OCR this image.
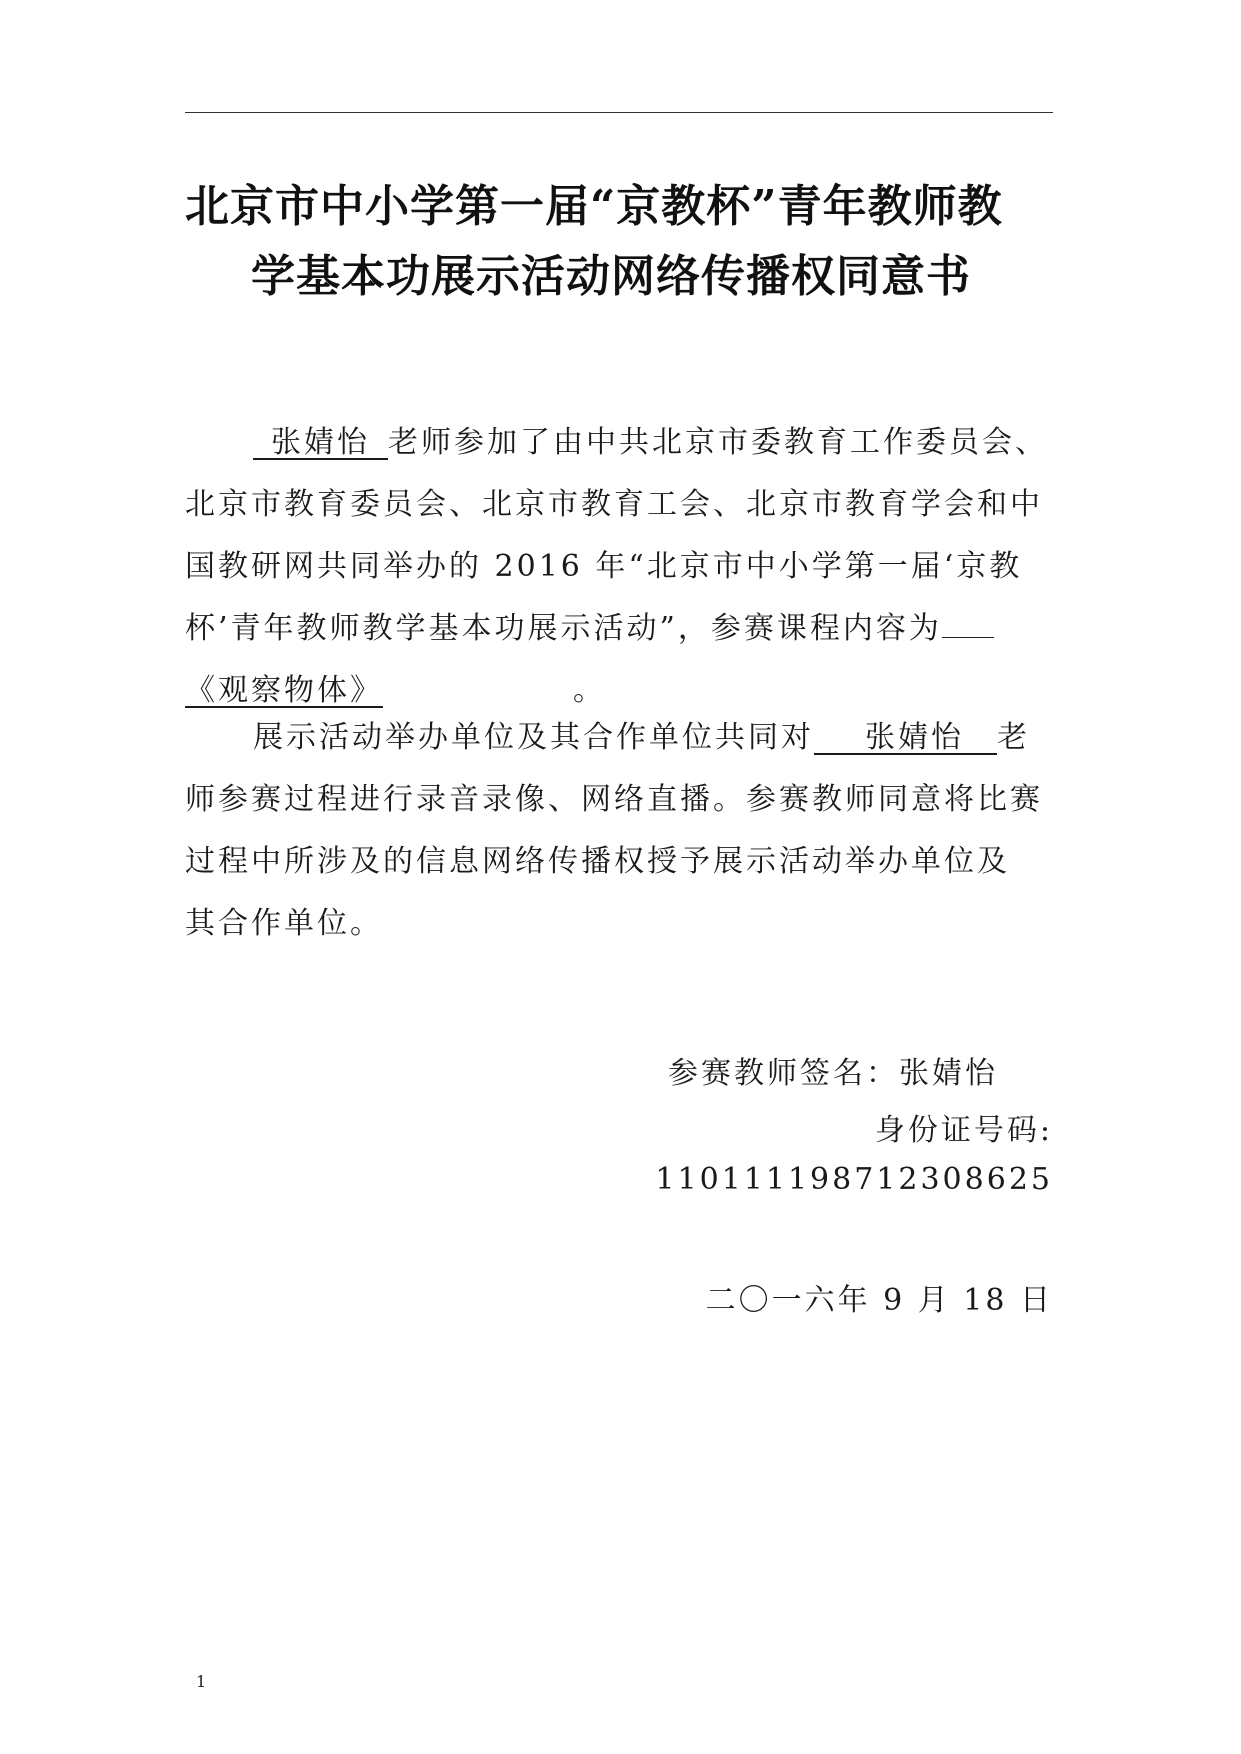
北京市中小学第一届“京教杯”青年教师教
学基本功展示活动网络传播权同意书
 张婧怡  老师参加了由中共北京市委教育工作委员会、
北京市教育委员会、北京市教育工会、北京市教育学会和中
国教研网共同举办的 2016 年“北京市中小学第一届‘京教
杯’青年教师教学基本功展示活动”，参赛课程内容为
《观察物体》	。
展示活动举办单位及其合作单位共同对   张婧怡  老
师参赛过程进行录音录像、网络直播。参赛教师同意将比赛
过程中所涉及的信息网络传播权授予展示活动举办单位及
其合作单位。
参赛教师签名：张婧怡
身份证号码:
110111198712308625
二〇一六年 9 月 18 日
1
